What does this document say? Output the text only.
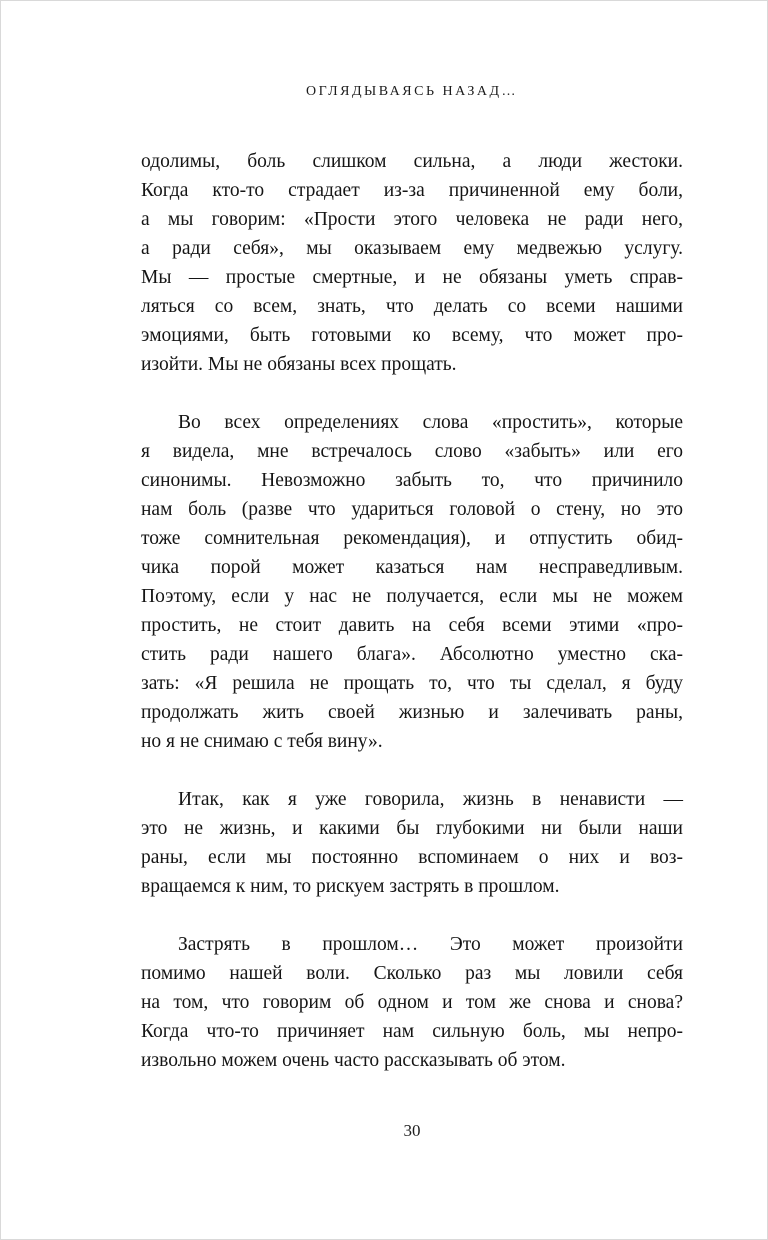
ОГЛЯДЫВАЯСЬ НАЗАД…
одолимы, боль слишком сильна, а люди жестоки.
Когда кто-то страдает из-за причиненной ему боли,
а мы говорим: «Прости этого человека не ради него,
а ради себя», мы оказываем ему медвежью услугу.
Мы — простые смертные, и не обязаны уметь справ-
ляться со всем, знать, что делать со всеми нашими
эмоциями, быть готовыми ко всему, что может про-
изойти. Мы не обязаны всех прощать.
Во всех определениях слова «простить», которые
я видела, мне встречалось слово «забыть» или его
синонимы. Невозможно забыть то, что причинило
нам боль (разве что удариться головой о стену, но это
тоже сомнительная рекомендация), и отпустить обид-
чика порой может казаться нам несправедливым.
Поэтому, если у нас не получается, если мы не можем
простить, не стоит давить на себя всеми этими «про-
стить ради нашего блага». Абсолютно уместно ска-
зать: «Я решила не прощать то, что ты сделал, я буду
продолжать жить своей жизнью и залечивать раны,
но я не снимаю с тебя вину».
Итак, как я уже говорила, жизнь в ненависти —
это не жизнь, и какими бы глубокими ни были наши
раны, если мы постоянно вспоминаем о них и воз-
вращаемся к ним, то рискуем застрять в прошлом.
Застрять в прошлом… Это может произойти
помимо нашей воли. Сколько раз мы ловили себя
на том, что говорим об одном и том же снова и снова?
Когда что-то причиняет нам сильную боль, мы непро-
извольно можем очень часто рассказывать об этом.
30
